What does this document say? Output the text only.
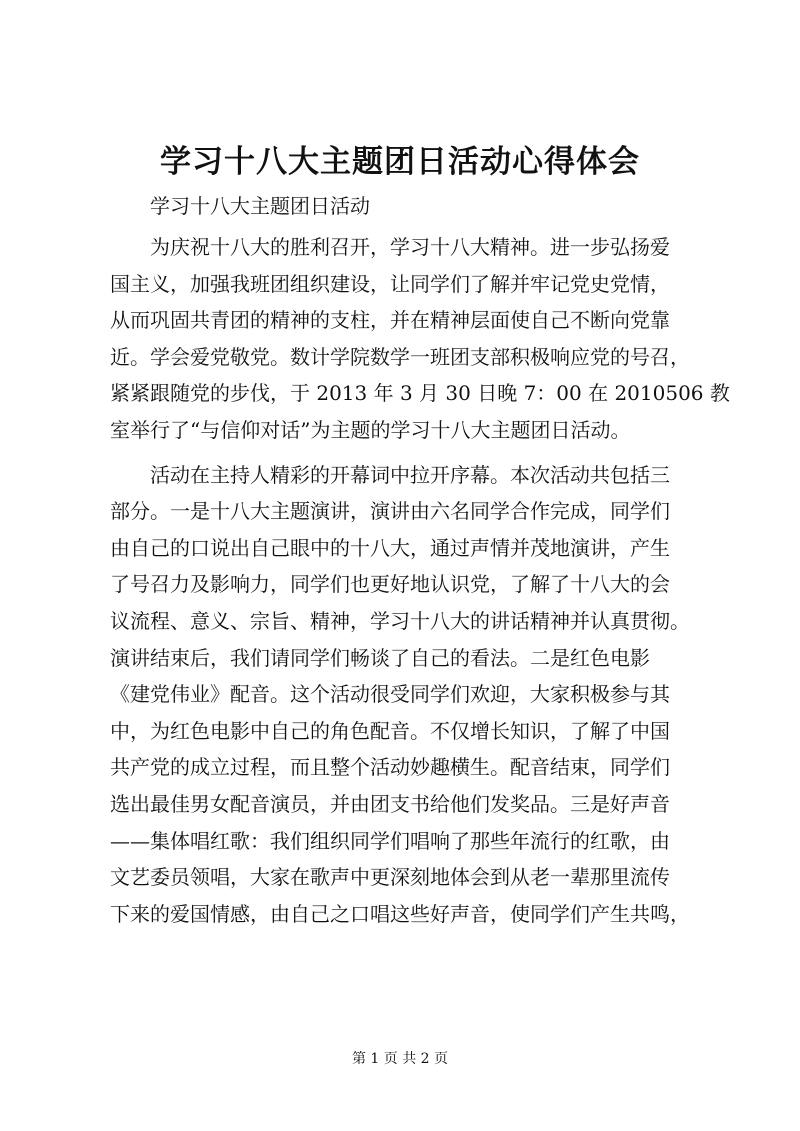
学习十八大主题团日活动心得体会

学习十八大主题团日活动

为庆祝十八大的胜利召开，学习十八大精神。进一步弘扬爱

国主义，加强我班团组织建设，让同学们了解并牢记党史党情，

从而巩固共青团的精神的支柱，并在精神层面使自己不断向党靠

近。学会爱党敬党。数计学院数学一班团支部积极响应党的号召，

紧紧跟随党的步伐，于 2013 年 3 月 30 日晚 7：00 在 2010506 教

室举行了“与信仰对话”为主题的学习十八大主题团日活动。

活动在主持人精彩的开幕词中拉开序幕。本次活动共包括三

部分。一是十八大主题演讲，演讲由六名同学合作完成，同学们

由自己的口说出自己眼中的十八大，通过声情并茂地演讲，产生

了号召力及影响力，同学们也更好地认识党，了解了十八大的会

议流程、意义、宗旨、精神，学习十八大的讲话精神并认真贯彻。

演讲结束后，我们请同学们畅谈了自己的看法。二是红色电影

《建党伟业》配音。这个活动很受同学们欢迎，大家积极参与其

中，为红色电影中自己的角色配音。不仅增长知识，了解了中国

共产党的成立过程，而且整个活动妙趣横生。配音结束，同学们

选出最佳男女配音演员，并由团支书给他们发奖品。三是好声音

——集体唱红歌：我们组织同学们唱响了那些年流行的红歌，由

文艺委员领唱，大家在歌声中更深刻地体会到从老一辈那里流传

下来的爱国情感，由自己之口唱这些好声音，使同学们产生共鸣，

第 1 页 共 2 页
